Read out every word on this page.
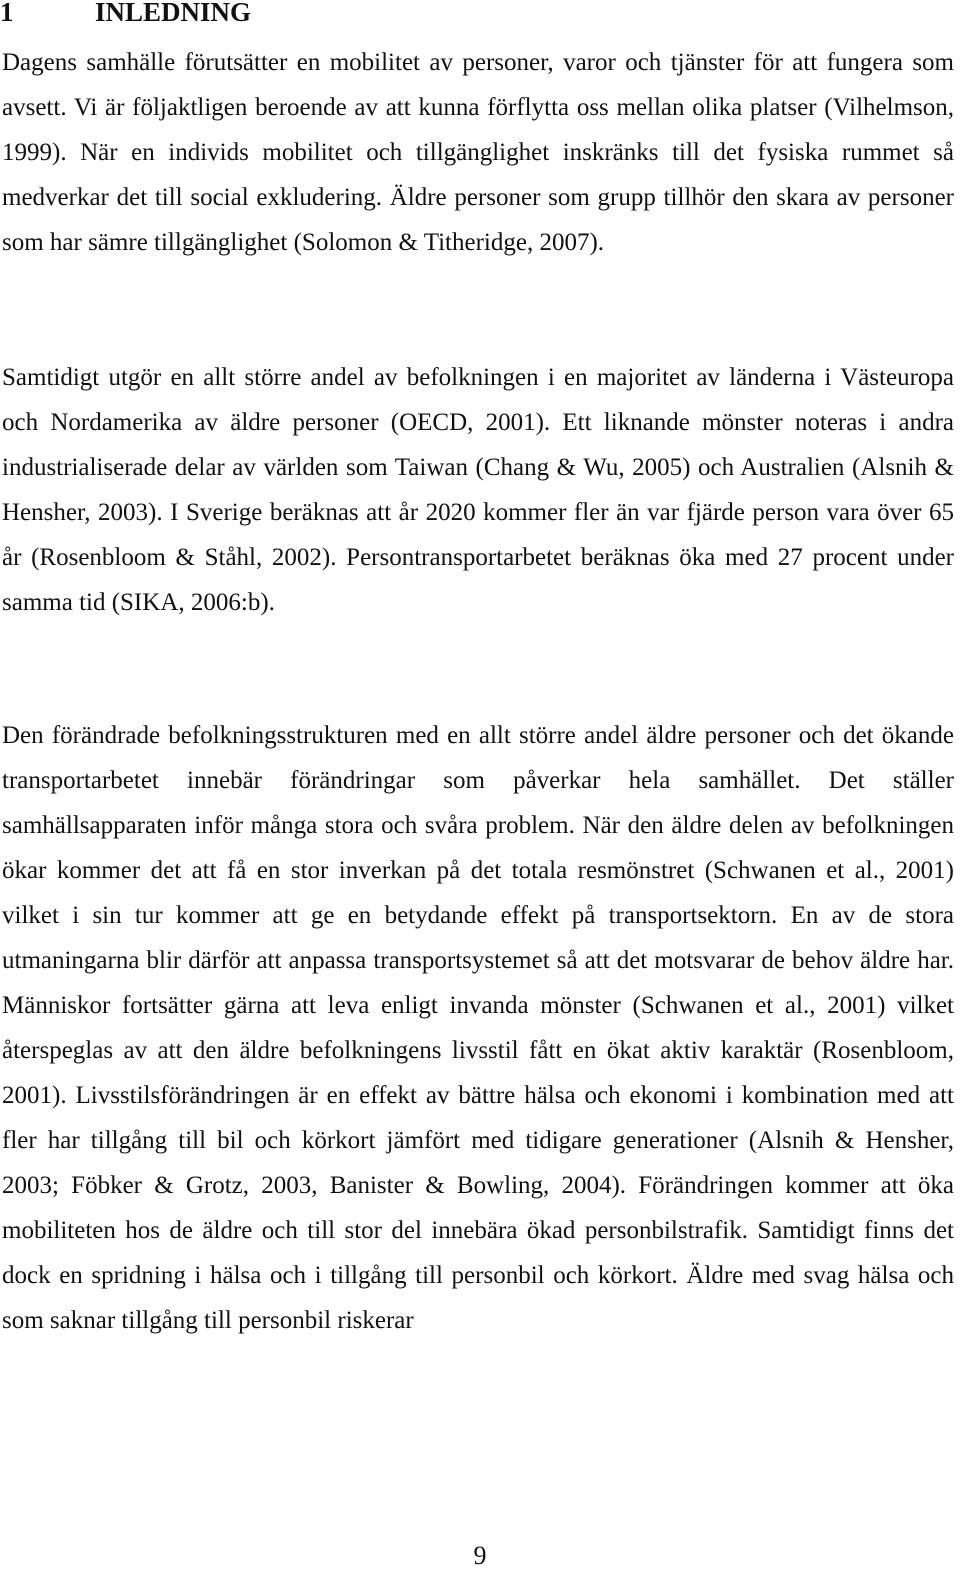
1	INLEDNING

Dagens samhälle förutsätter en mobilitet av personer, varor och tjänster för att fungera som avsett. Vi är följaktligen beroende av att kunna förflytta oss mellan olika platser (Vilhelmson, 1999). När en individs mobilitet och tillgänglighet inskränks till det fysiska rummet så medverkar det till social exkludering. Äldre personer som grupp tillhör den skara av personer som har sämre tillgänglighet (Solomon & Titheridge, 2007).

Samtidigt utgör en allt större andel av befolkningen i en majoritet av länderna i Västeuropa och Nordamerika av äldre personer (OECD, 2001). Ett liknande mönster noteras i andra industrialiserade delar av världen som Taiwan (Chang & Wu, 2005) och Australien (Alsnih & Hensher, 2003). I Sverige beräknas att år 2020 kommer fler än var fjärde person vara över 65 år (Rosenbloom & Ståhl, 2002). Persontransportarbetet beräknas öka med 27 procent under samma tid (SIKA, 2006:b).

Den förändrade befolkningsstrukturen med en allt större andel äldre personer och det ökande transportarbetet innebär förändringar som påverkar hela samhället. Det ställer samhällsapparaten inför många stora och svåra problem. När den äldre delen av befolkningen ökar kommer det att få en stor inverkan på det totala resmönstret (Schwanen et al., 2001) vilket i sin tur kommer att ge en betydande effekt på transportsektorn. En av de stora utmaningarna blir därför att anpassa transportsystemet så att det motsvarar de behov äldre har. Människor fortsätter gärna att leva enligt invanda mönster (Schwanen et al., 2001) vilket återspeglas av att den äldre befolkningens livsstil fått en ökat aktiv karaktär (Rosenbloom, 2001). Livsstilsförändringen är en effekt av bättre hälsa och ekonomi i kombination med att fler har tillgång till bil och körkort jämfört med tidigare generationer (Alsnih & Hensher, 2003; Föbker & Grotz, 2003, Banister & Bowling, 2004). Förändringen kommer att öka mobiliteten hos de äldre och till stor del innebära ökad personbilstrafik. Samtidigt finns det dock en spridning i hälsa och i tillgång till personbil och körkort. Äldre med svag hälsa och som saknar tillgång till personbil riskerar

9
